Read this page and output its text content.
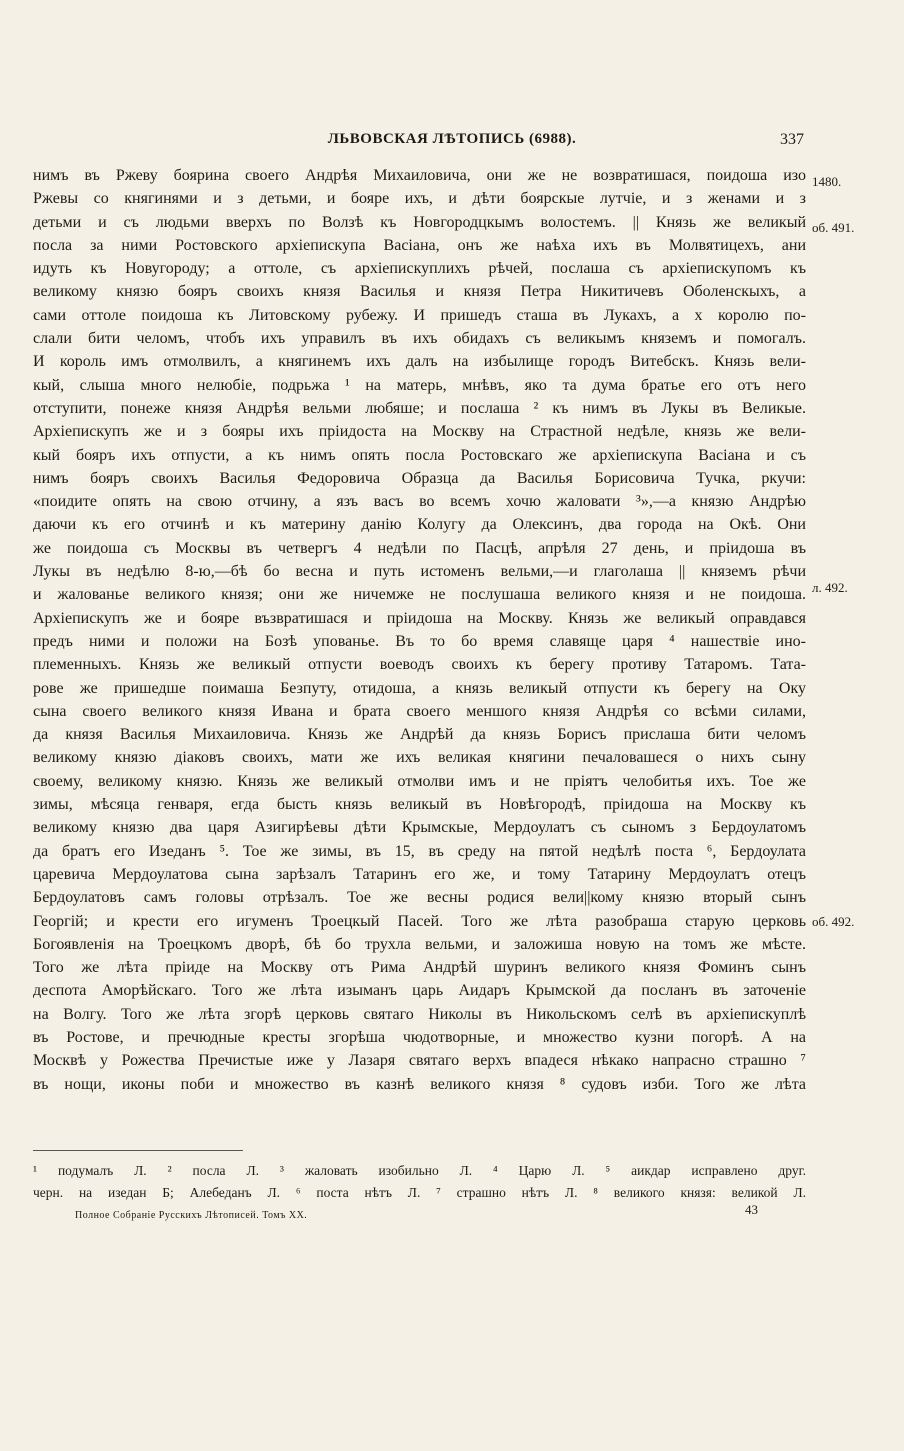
ЛЬВОВСКАЯ ЛѢТОПИСЬ (6988).	337
1480.
об. 491.
л. 492.
об. 492.
нимъ въ Ржеву боярина своего Андрѣя Михаиловича, они же не возвратишася, поидоша изо
Ржевы со княгинями и з детьми, и бояре ихъ, и дѣти боярскые лутчіе, и з женами и з
детьми и съ людьми вверхъ по Волзѣ къ Новгородцкымъ волостемъ. || Князь же великый
посла за ними Ростовского архіепискупа Васіана, онъ же наѣха ихъ въ Молвятицехъ, ани
идуть къ Новугороду; а оттоле, съ архіепискуплихъ рѣчей, послаша съ архіепискупомъ къ
великому князю бояръ своихъ князя Василья и князя Петра Никитичевъ Оболенскыхъ, а
сами оттоле поидоша къ Литовскому рубежу. И пришедъ сташа въ Лукахъ, а х королю по-
слали бити челомъ, чтобъ ихъ управилъ въ ихъ обидахъ съ великымъ княземъ и помогалъ.
И король имъ отмолвилъ, а княгинемъ ихъ далъ на избылище городъ Витебскъ. Князь вели-
кый, слыша много нелюбіе, подрьжа ¹ на матерь, мнѣвъ, яко та дума братье его отъ него
отступити, понеже князя Андрѣя вельми любяше; и послаша ² къ нимъ въ Лукы въ Великые.
Архіепискупъ же и з бояры ихъ пріидоста на Москву на Страстной недѣле, князь же вели-
кый бояръ ихъ отпусти, а къ нимъ опять посла Ростовскаго же архіепискупа Васіана и съ
нимъ бояръ своихъ Василья Федоровича Образца да Василья Борисовича Тучка, ркучи:
«поидите опять на свою отчину, а язъ васъ во всемъ хочю жаловати ³»,—а князю Андрѣю
даючи къ его отчинѣ и къ материну данію Колугу да Олексинъ, два города на Окѣ. Они
же поидоша съ Москвы въ четвергъ 4 недѣли по Пасцѣ, апрѣля 27 день, и пріидоша въ
Лукы въ недѣлю 8-ю,—бѣ бо весна и путь истоменъ вельми,—и глаголаша || княземъ рѣчи
и жалованье великого князя; они же ничемже не послушаша великого князя и не поидоша.
Архіепискупъ же и бояре възвратишася и пріидоша на Москву. Князь же великый оправдався
предъ ними и положи на Бозѣ упованье. Въ то бо время славяще царя ⁴ нашествіе ино-
племенныхъ. Князь же великый отпусти воеводъ своихъ къ берегу противу Татаромъ. Тата-
рове же пришедше поимаша Безпуту, отидоша, а князь великый отпусти къ берегу на Оку
сына своего великого князя Ивана и брата своего меншого князя Андрѣя со всѣми силами,
да князя Василья Михаиловича. Князь же Андрѣй да князь Борисъ прислаша бити челомъ
великому князю діаковъ своихъ, мати же ихъ великая княгини печаловашеся о нихъ сыну
своему, великому князю. Князь же великый отмолви имъ и не пріятъ челобитья ихъ. Тое же
зимы, мѣсяца генваря, егда бысть князь великый въ Новѣгородѣ, пріидоша на Москву къ
великому князю два царя Азигирѣевы дѣти Крымскые, Мердоулатъ съ сыномъ з Бердоулатомъ
да братъ его Изеданъ ⁵. Тое же зимы, въ 15, въ среду на пятой недѣлѣ поста ⁶, Бердоулата
царевича Мердоулатова сына зарѣзалъ Татаринъ его же, и тому Татарину Мердоулатъ отецъ
Бердоулатовъ самъ головы отрѣзалъ. Тое же весны родися вели||кому князю вторый сынъ
Георгій; и крести его игуменъ Троецкый Пасей. Того же лѣта разобраша старую церковь
Богоявленія на Троецкомъ дворѣ, бѣ бо трухла вельми, и заложиша новую на томъ же мѣсте.
Того же лѣта пріиде на Москву отъ Рима Андрѣй шуринъ великого князя Фоминъ сынъ
деспота Аморѣйскаго. Того же лѣта изыманъ царь Аидаръ Крымской да посланъ въ заточеніе
на Волгу. Того же лѣта згорѣ церковь святаго Николы въ Никольскомъ селѣ въ архіепискуплѣ
въ Ростове, и пречюдные кресты згорѣша чюдотворные, и множество кузни погорѣ. А на
Москвѣ у Рожества Пречистые иже у Лазаря святаго верхъ впадеся нѣкако напрасно страшно ⁷
въ нощи, иконы поби и множество въ казнѣ великого князя ⁸ судовъ изби. Того же лѣта
¹ подумалъ Л. ² посла Л. ³ жаловать изобильно Л. ⁴ Царю Л. ⁵ аикдар исправлено друг.
черн. на изедан Б; Алебеданъ Л. ⁶ поста нѣтъ Л. ⁷ страшно нѣтъ Л. ⁸ великого князя: великой Л.
Полное Собраніе Русскихъ Лѣтописей. Томъ XX.	43
